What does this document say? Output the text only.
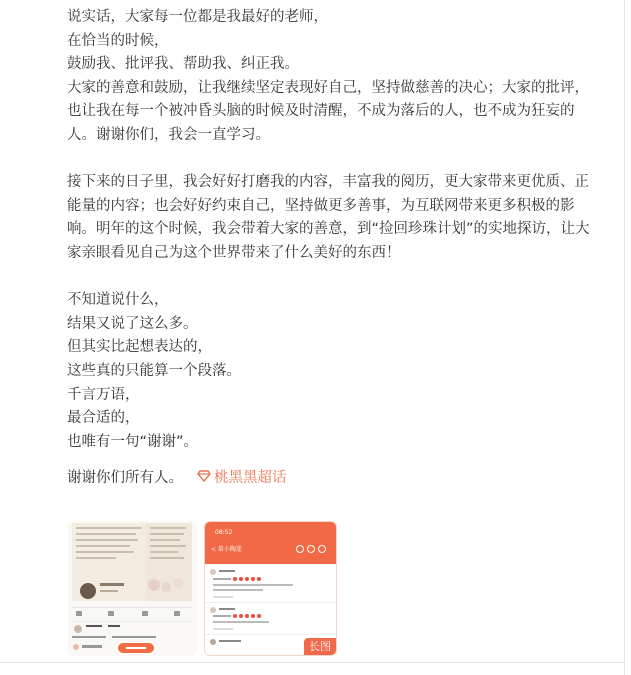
说实话，大家每一位都是我最好的老师，
在恰当的时候，
鼓励我、批评我、帮助我、纠正我。
大家的善意和鼓励，让我继续坚定表现好自己，坚持做慈善的决心；大家的批评，
也让我在每一个被冲昏头脑的时候及时清醒，不成为落后的人，也不成为狂妄的
人。谢谢你们，我会一直学习。
接下来的日子里，我会好好打磨我的内容，丰富我的阅历，更大家带来更优质、正
能量的内容；也会好好约束自己，坚持做更多善事，为互联网带来更多积极的影
响。明年的这个时候，我会带着大家的善意，到“捡回珍珠计划”的实地探访，让大
家亲眼看见自己为这个世界带来了什么美好的东西！
不知道说什么，
结果又说了这么多。
但其实比起想表达的，
这些真的只能算一个段落。
千言万语，
最合适的，
也唯有一句“谢谢”。
谢谢你们所有人。 桃黑黑超话
08:52
< 第小陶迷
长图
